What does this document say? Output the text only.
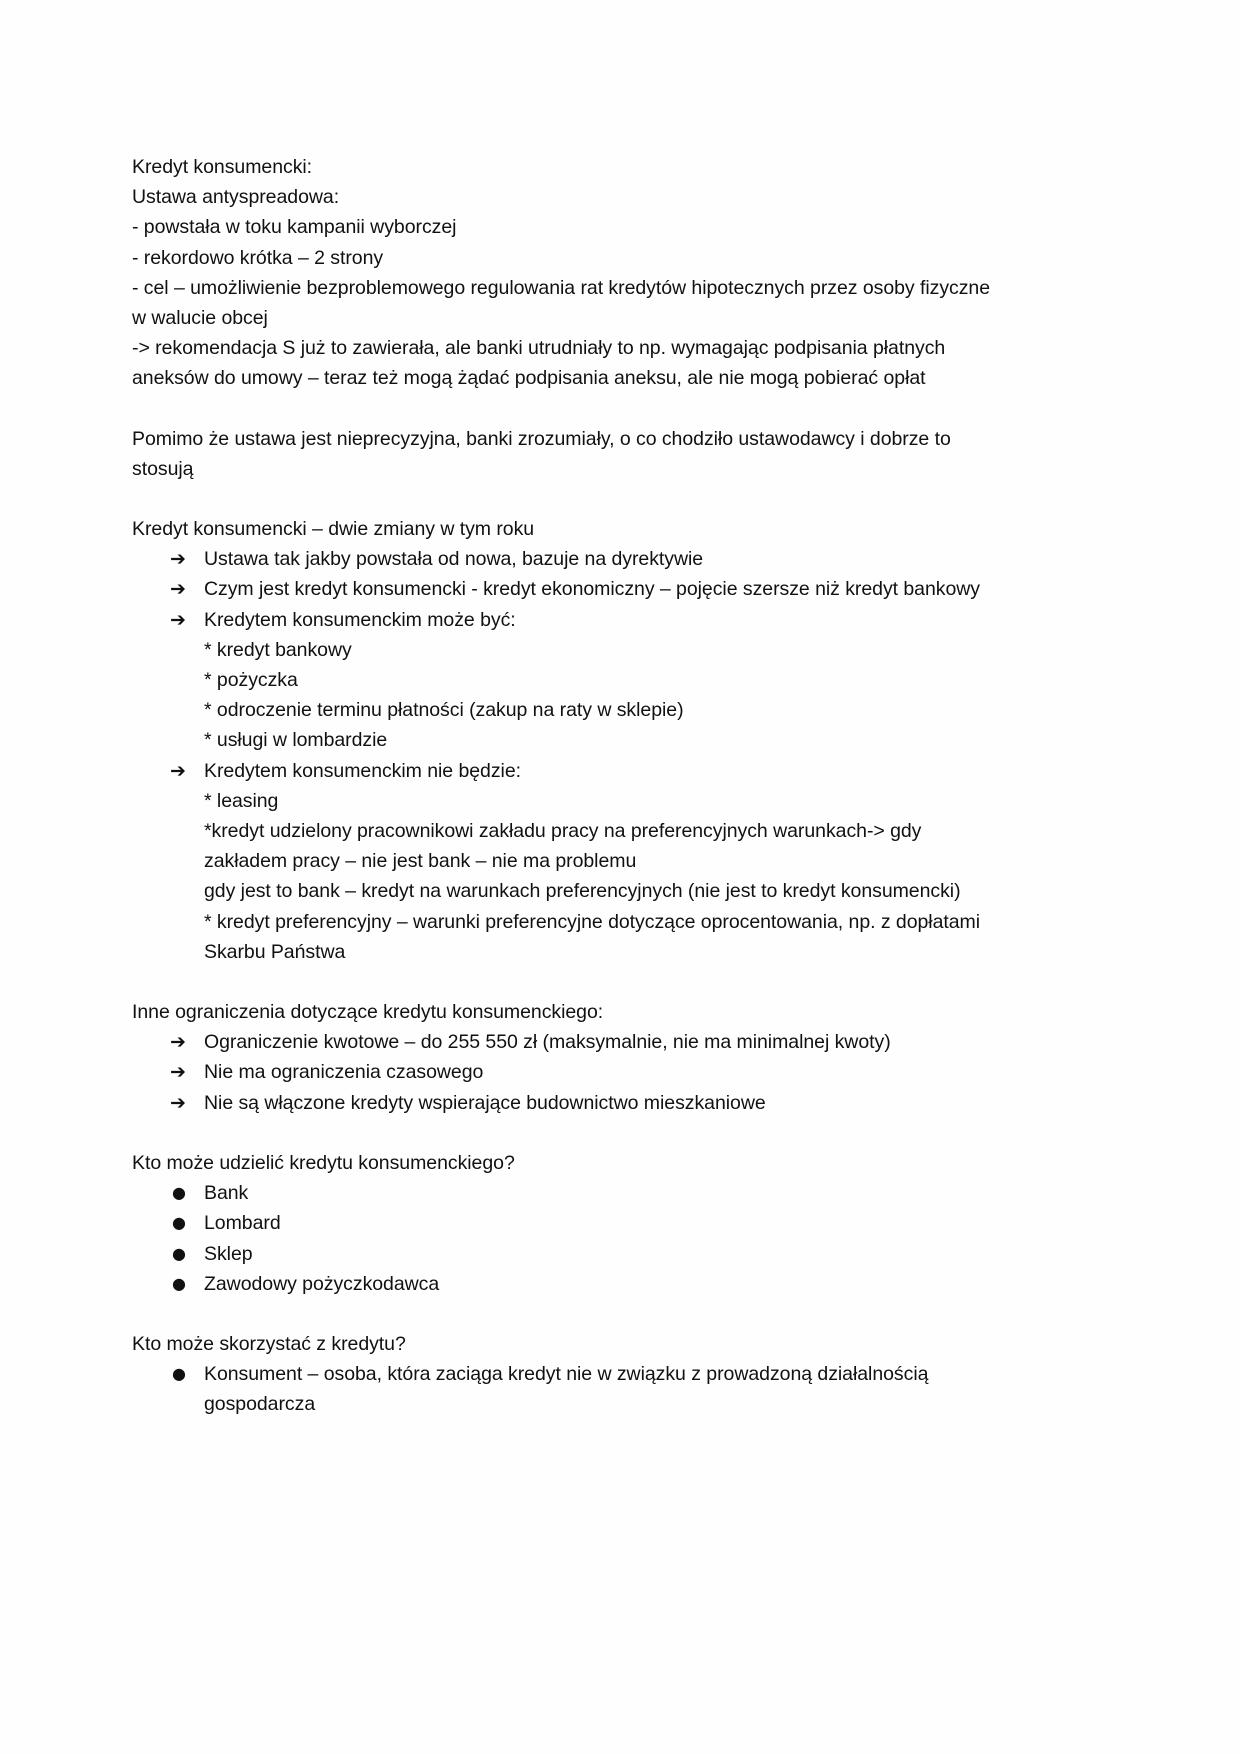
Kredyt konsumencki:
Ustawa antyspreadowa:
- powstała w toku kampanii wyborczej
- rekordowo krótka – 2 strony
- cel – umożliwienie bezproblemowego regulowania rat kredytów hipotecznych przez osoby fizyczne
w walucie obcej
-> rekomendacja S już to zawierała, ale banki utrudniały to np. wymagając podpisania płatnych
aneksów do umowy – teraz też mogą żądać podpisania aneksu, ale nie mogą pobierać opłat
Pomimo że ustawa jest nieprecyzyjna, banki zrozumiały, o co chodziło ustawodawcy i dobrze to
stosują
Kredyt konsumencki – dwie zmiany w tym roku
➔ Ustawa tak jakby powstała od nowa, bazuje na dyrektywie
➔ Czym jest kredyt konsumencki - kredyt ekonomiczny – pojęcie szersze niż kredyt bankowy
➔ Kredytem konsumenckim może być:
* kredyt bankowy
* pożyczka
* odroczenie terminu płatności (zakup na raty w sklepie)
* usługi w lombardzie
➔ Kredytem konsumenckim nie będzie:
* leasing
*kredyt udzielony pracownikowi zakładu pracy na preferencyjnych warunkach-> gdy
zakładem pracy – nie jest bank – nie ma problemu
gdy jest to bank – kredyt na warunkach preferencyjnych (nie jest to kredyt konsumencki)
* kredyt preferencyjny – warunki preferencyjne dotyczące oprocentowania, np. z dopłatami
Skarbu Państwa
Inne ograniczenia dotyczące kredytu konsumenckiego:
➔ Ograniczenie kwotowe – do 255 550 zł (maksymalnie, nie ma minimalnej kwoty)
➔ Nie ma ograniczenia czasowego
➔ Nie są włączone kredyty wspierające budownictwo mieszkaniowe
Kto może udzielić kredytu konsumenckiego?
● Bank
● Lombard
● Sklep
● Zawodowy pożyczkodawca
Kto może skorzystać z kredytu?
● Konsument – osoba, która zaciąga kredyt nie w związku z prowadzoną działalnością
gospodarcza
